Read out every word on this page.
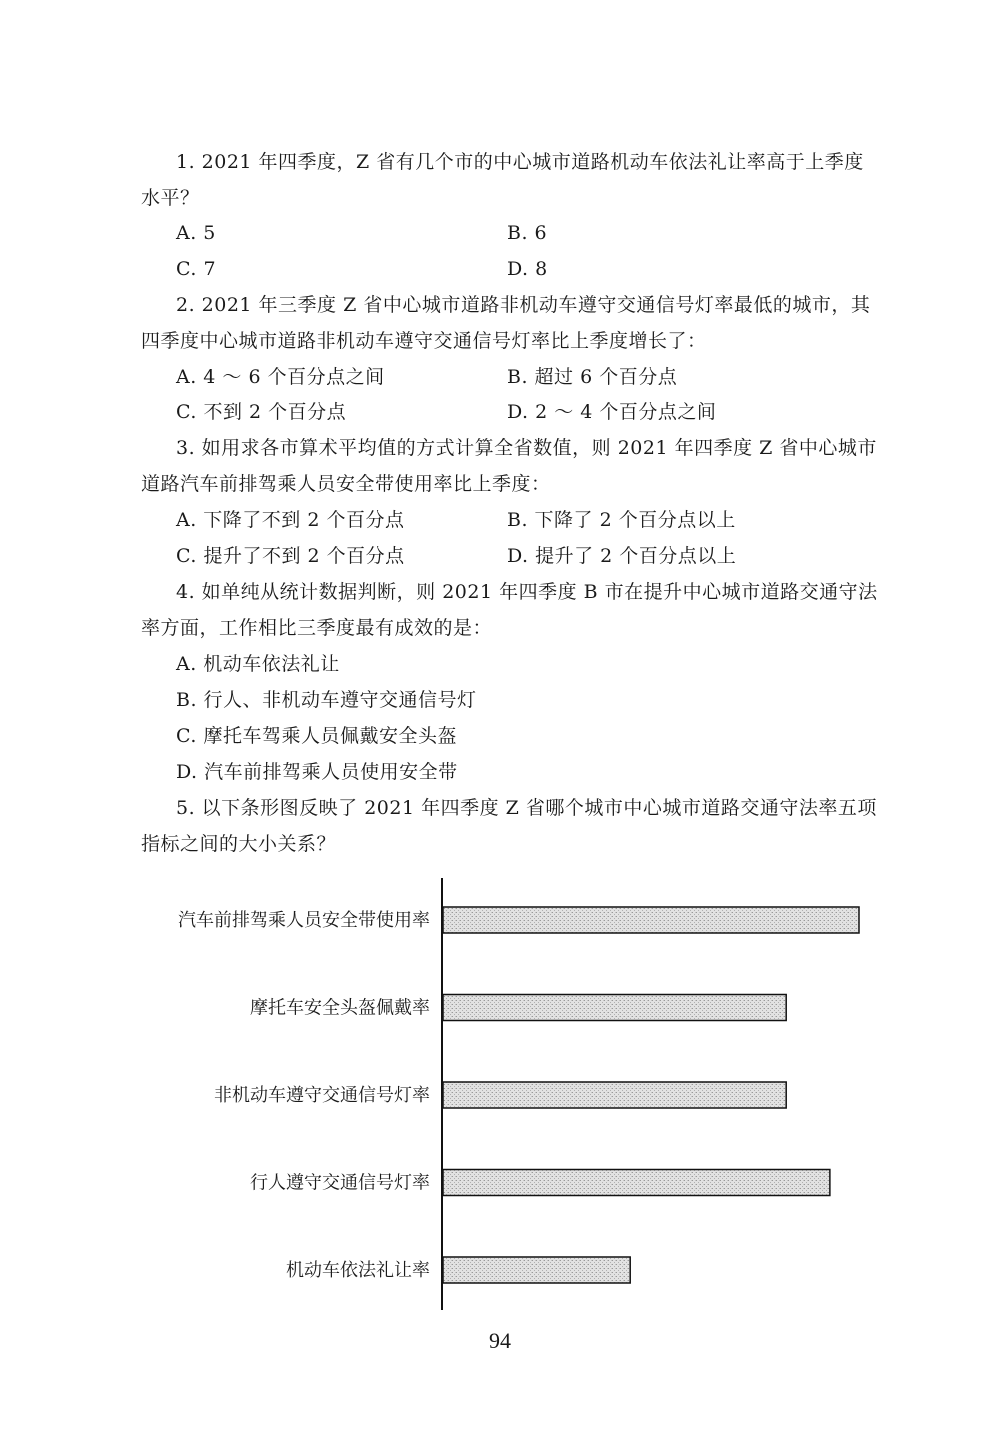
1. 2021 年四季度，Z 省有几个市的中心城市道路机动车依法礼让率高于上季度
水平？
A. 5	B. 6
C. 7	D. 8
2. 2021 年三季度 Z 省中心城市道路非机动车遵守交通信号灯率最低的城市，其
四季度中心城市道路非机动车遵守交通信号灯率比上季度增长了：
A. 4 ～ 6 个百分点之间	B. 超过 6 个百分点
C. 不到 2 个百分点	D. 2 ～ 4 个百分点之间
3. 如用求各市算术平均值的方式计算全省数值，则 2021 年四季度 Z 省中心城市
道路汽车前排驾乘人员安全带使用率比上季度：
A. 下降了不到 2 个百分点	B. 下降了 2 个百分点以上
C. 提升了不到 2 个百分点	D. 提升了 2 个百分点以上
4. 如单纯从统计数据判断，则 2021 年四季度 B 市在提升中心城市道路交通守法
率方面，工作相比三季度最有成效的是：
A. 机动车依法礼让
B. 行人、非机动车遵守交通信号灯
C. 摩托车驾乘人员佩戴安全头盔
D. 汽车前排驾乘人员使用安全带
5. 以下条形图反映了 2021 年四季度 Z 省哪个城市中心城市道路交通守法率五项
指标之间的大小关系？
汽车前排驾乘人员安全带使用率
摩托车安全头盔佩戴率
非机动车遵守交通信号灯率
行人遵守交通信号灯率
机动车依法礼让率
94
